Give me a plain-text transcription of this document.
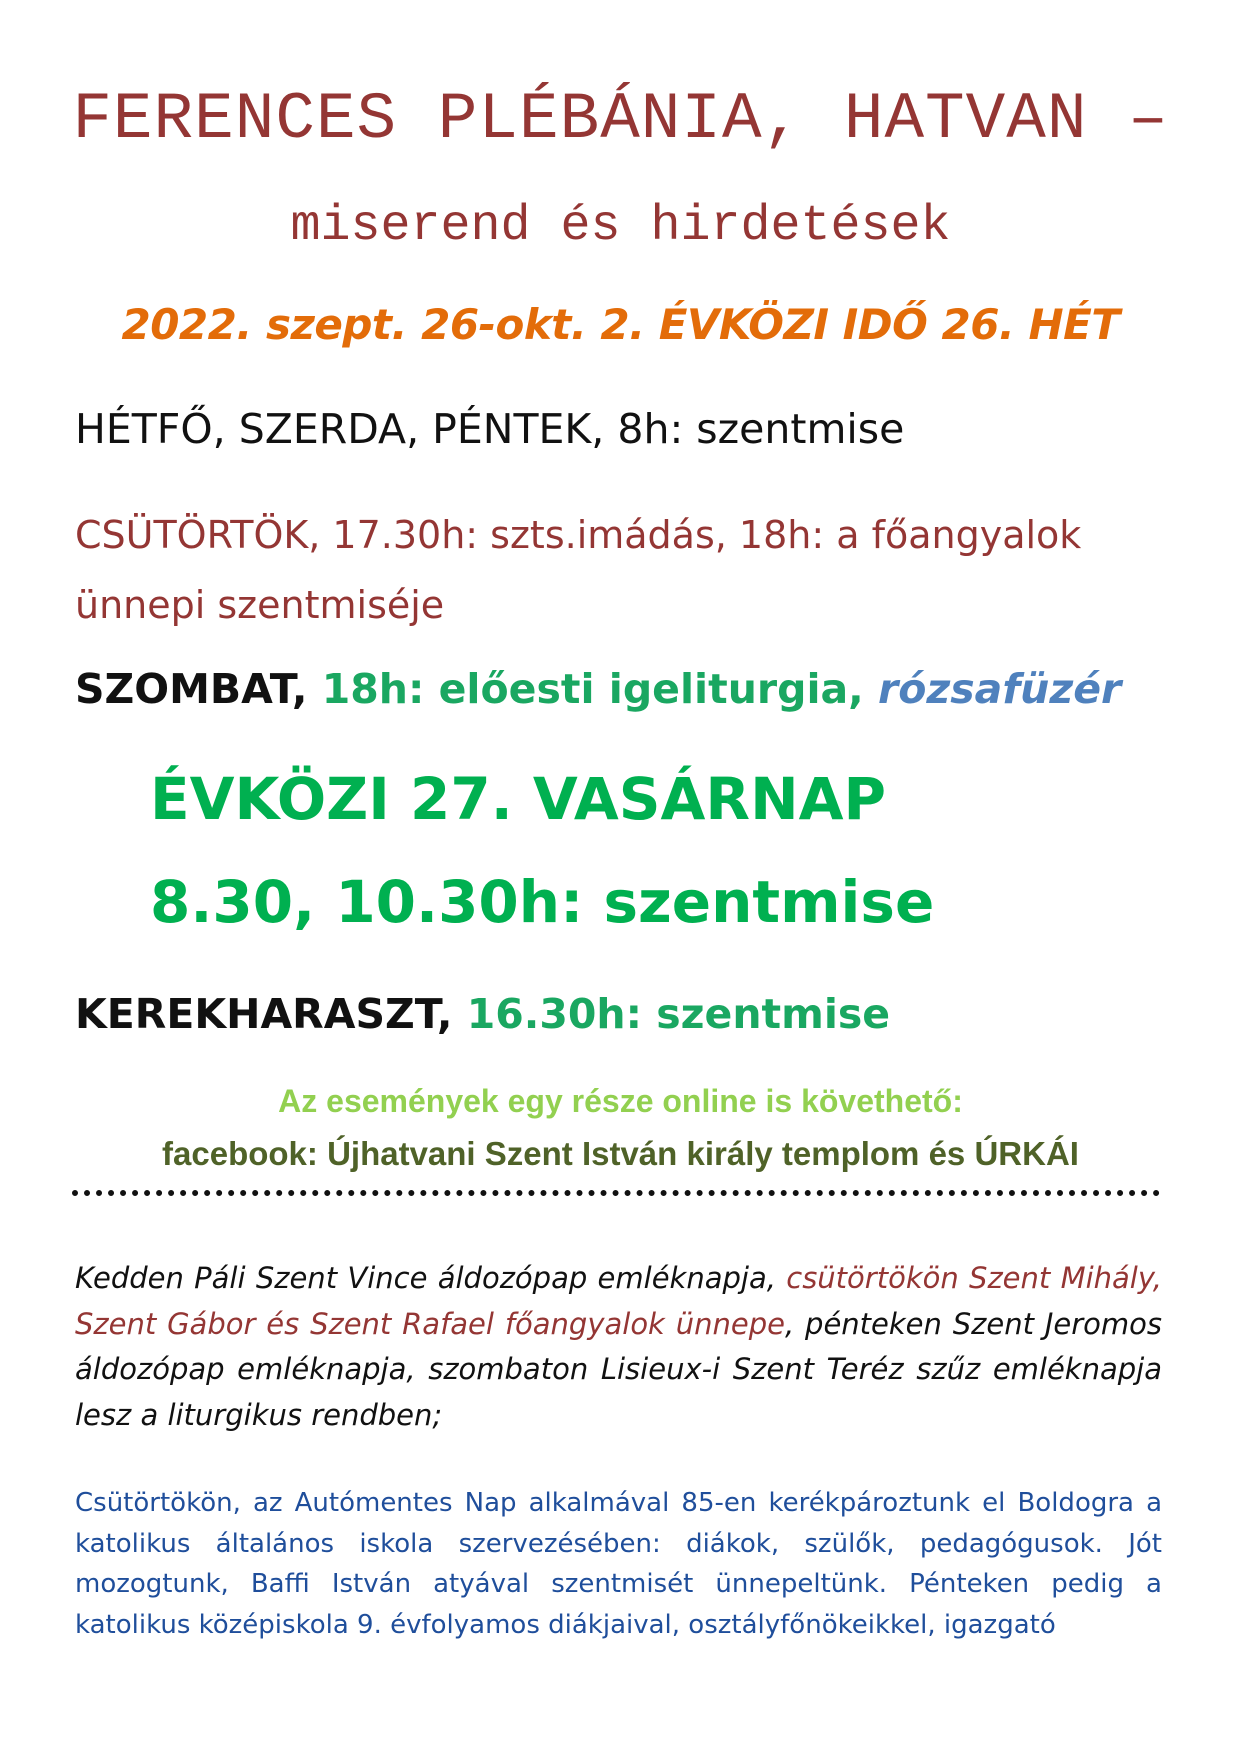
FERENCES PLÉBÁNIA, HATVAN –
miserend és hirdetések
2022. szept. 26-okt. 2. ÉVKÖZI IDŐ 26. HÉT
HÉTFŐ, SZERDA, PÉNTEK, 8h: szentmise
CSÜTÖRTÖK, 17.30h: szts.imádás, 18h: a főangyalok ünnepi szentmiséje
SZOMBAT, 18h: előesti igeliturgia, rózsafüzér
ÉVKÖZI 27. VASÁRNAP
8.30, 10.30h: szentmise
KEREKHARASZT, 16.30h: szentmise
Az események egy része online is követhető:
facebook: Újhatvani Szent István király templom és ÚRKÁI
Kedden Páli Szent Vince áldozópap emléknapja, csütörtökön Szent Mihály, Szent Gábor és Szent Rafael főangyalok ünnepe, pénteken Szent Jeromos áldozópap emléknapja, szombaton Lisieux-i Szent Teréz szűz emléknapja lesz a liturgikus rendben;
Csütörtökön, az Autómentes Nap alkalmával 85-en kerékpároztunk el Boldogra a katolikus általános iskola szervezésében: diákok, szülők, pedagógusok. Jót mozogtunk, Baffi István atyával szentmisét ünnepeltünk. Pénteken pedig a katolikus középiskola 9. évfolyamos diákjaival, osztályfőnökeikkel, igazgató
